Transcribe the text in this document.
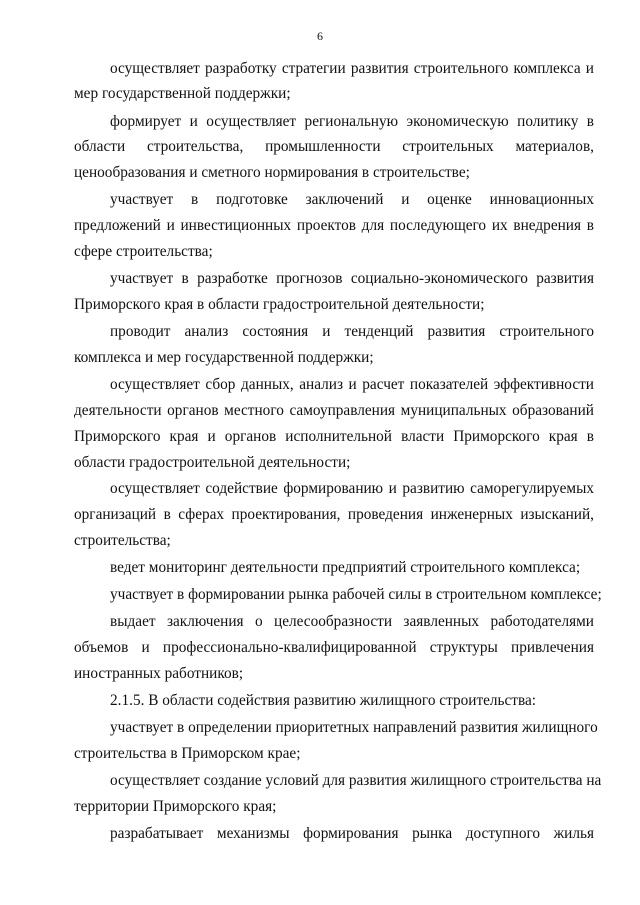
6
осуществляет разработку стратегии развития строительного комплекса и
мер государственной поддержки;
формирует и осуществляет региональную экономическую политику в
области строительства, промышленности строительных материалов,
ценообразования и сметного нормирования в строительстве;
участвует в подготовке заключений и оценке инновационных
предложений и инвестиционных проектов для последующего их внедрения в
сфере строительства;
участвует в разработке прогнозов социально-экономического развития
Приморского края в области градостроительной деятельности;
проводит анализ состояния и тенденций развития строительного
комплекса и мер государственной поддержки;
осуществляет сбор данных, анализ и расчет показателей эффективности
деятельности органов местного самоуправления муниципальных образований
Приморского края и органов исполнительной власти Приморского края в
области градостроительной деятельности;
осуществляет содействие формированию и развитию саморегулируемых
организаций в сферах проектирования, проведения инженерных изысканий,
строительства;
ведет мониторинг деятельности предприятий строительного комплекса;
участвует в формировании рынка рабочей силы в строительном комплексе;
выдает заключения о целесообразности заявленных работодателями
объемов и профессионально-квалифицированной структуры привлечения
иностранных работников;
2.1.5. В области содействия развитию жилищного строительства:
участвует в определении приоритетных направлений развития жилищного
строительства в Приморском крае;
осуществляет создание условий для развития жилищного строительства на
территории Приморского края;
разрабатывает механизмы формирования рынка доступного жилья
